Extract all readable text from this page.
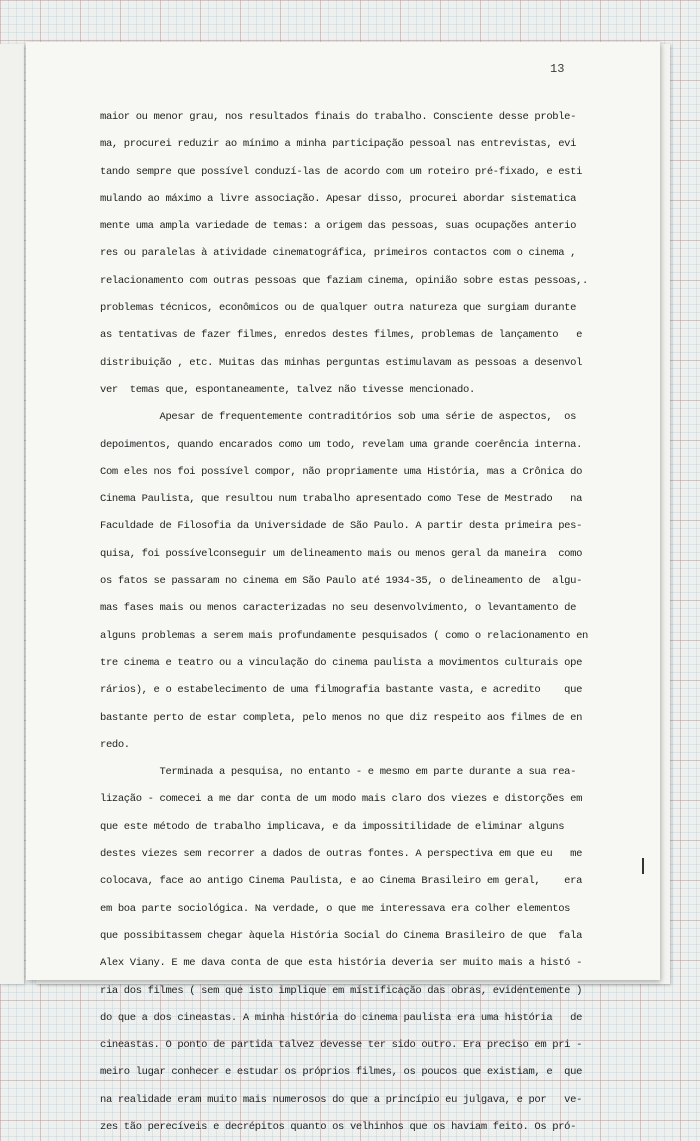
13
maior ou menor grau, nos resultados finais do trabalho. Consciente desse proble-
ma, procurei reduzir ao mínimo a minha participação pessoal nas entrevistas, evi
tando sempre que possível conduzí-las de acordo com um roteiro pré-fixado, e esti
mulando ao máximo a livre associação. Apesar disso, procurei abordar sistematica
mente uma ampla variedade de temas: a origem das pessoas, suas ocupações anterio
res ou paralelas à atividade cinematográfica, primeiros contactos com o cinema ,
relacionamento com outras pessoas que faziam cinema, opinião sobre estas pessoas,.
problemas técnicos, econômicos ou de qualquer outra natureza que surgiam durante
as tentativas de fazer filmes, enredos destes filmes, problemas de lançamento   e
distribuição , etc. Muitas das minhas perguntas estimulavam as pessoas a desenvol
ver  temas que, espontaneamente, talvez não tivesse mencionado.
Apesar de frequentemente contraditórios sob uma série de aspectos,  os
depoimentos, quando encarados como um todo, revelam uma grande coerência interna.
Com eles nos foi possível compor, não propriamente uma História, mas a Crônica do
Cinema Paulista, que resultou num trabalho apresentado como Tese de Mestrado   na
Faculdade de Filosofia da Universidade de São Paulo. A partir desta primeira pes-
quisa, foi possívelconseguir um delineamento mais ou menos geral da maneira  como
os fatos se passaram no cinema em São Paulo até 1934-35, o delineamento de  algu-
mas fases mais ou menos caracterizadas no seu desenvolvimento, o levantamento de
alguns problemas a serem mais profundamente pesquisados ( como o relacionamento en
tre cinema e teatro ou a vinculação do cinema paulista a movimentos culturais ope
rários), e o estabelecimento de uma filmografia bastante vasta, e acredito    que
bastante perto de estar completa, pelo menos no que diz respeito aos filmes de en
redo.
Terminada a pesquisa, no entanto - e mesmo em parte durante a sua rea-
lização - comecei a me dar conta de um modo mais claro dos viezes e distorções em
que este método de trabalho implicava, e da impossitilidade de eliminar alguns
destes viezes sem recorrer a dados de outras fontes. A perspectiva em que eu   me
colocava, face ao antigo Cinema Paulista, e ao Cinema Brasileiro em geral,    era
em boa parte sociológica. Na verdade, o que me interessava era colher elementos
que possibitassem chegar àquela História Social do Cinema Brasileiro de que  fala
Alex Viany. E me dava conta de que esta história deveria ser muito mais a histó -
ria dos filmes ( sem que isto implique em mistificação das obras, evidentemente )
do que a dos cineastas. A minha história do cinema paulista era uma história   de
cineastas. O ponto de partida talvez devesse ter sido outro. Era preciso em pri -
meiro lugar conhecer e estudar os próprios filmes, os poucos que existiam, e  que
na realidade eram muito mais numerosos do que a princípio eu julgava, e por   ve-
zes tão perecíveis e decrépitos quanto os velhinhos que os haviam feito. Os pró-
